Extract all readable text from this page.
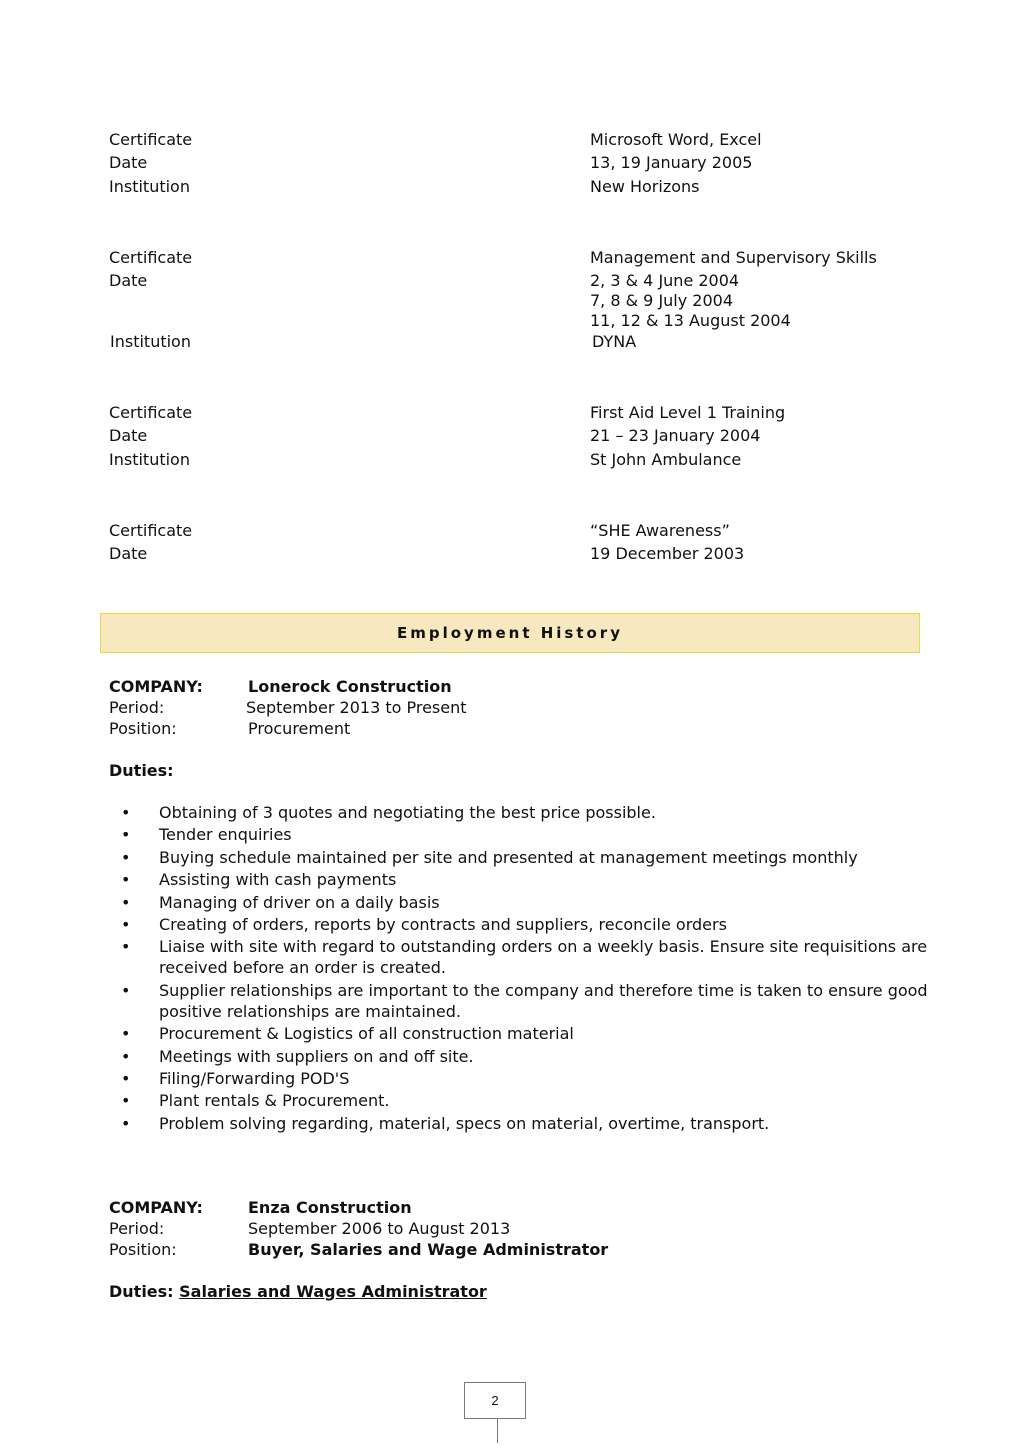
Certificate	Microsoft Word, Excel
Date	13, 19 January 2005
Institution	New Horizons
Certificate	Management and Supervisory Skills
Date	2, 3 & 4 June 2004
7, 8 & 9 July 2004
11, 12 & 13 August 2004
Institution	DYNA
Certificate	First Aid Level 1 Training
Date	21 – 23 January 2004
Institution	St John Ambulance
Certificate	“SHE Awareness”
Date	19 December 2003
Employment History
COMPANY:	Lonerock Construction
Period:	September 2013 to Present
Position:	Procurement
Duties:
• Obtaining of 3 quotes and negotiating the best price possible.
• Tender enquiries
• Buying schedule maintained per site and presented at management meetings monthly
• Assisting with cash payments
• Managing of driver on a daily basis
• Creating of orders, reports by contracts and suppliers, reconcile orders
• Liaise with site with regard to outstanding orders on a weekly basis. Ensure site requisitions are received before an order is created.
• Supplier relationships are important to the company and therefore time is taken to ensure good positive relationships are maintained.
• Procurement & Logistics of all construction material
• Meetings with suppliers on and off site.
• Filing/Forwarding POD'S
• Plant rentals & Procurement.
• Problem solving regarding, material, specs on material, overtime, transport.
COMPANY:	Enza Construction
Period:	September 2006 to August 2013
Position:	Buyer, Salaries and Wage Administrator
Duties: Salaries and Wages Administrator
2
